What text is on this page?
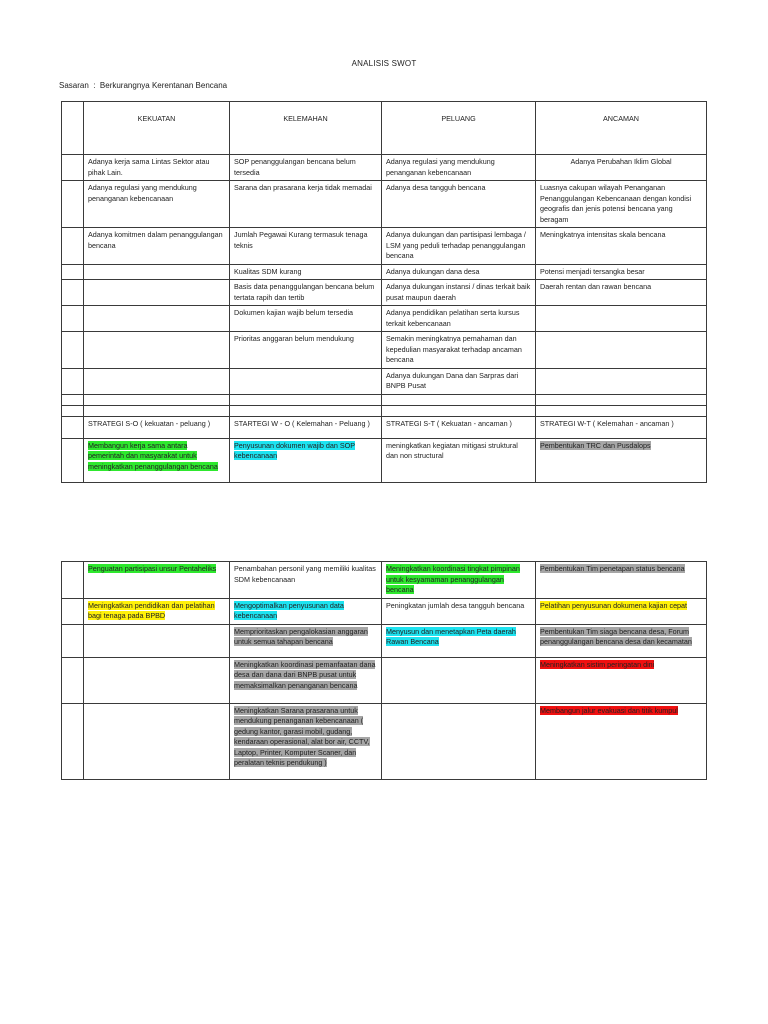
ANALISIS SWOT
Sasaran  :  Berkurangnya Kerentanan Bencana
	KEKUATAN	KELEMAHAN	PELUANG	ANCAMAN
	Adanya kerja sama Lintas Sektor atau pihak Lain.	SOP penanggulangan bencana belum tersedia	Adanya regulasi yang mendukung penanganan kebencanaan	Adanya Perubahan Iklim Global
	Adanya regulasi yang mendukung penanganan kebencanaan	Sarana dan prasarana kerja tidak memadai	Adanya desa tangguh bencana	Luasnya cakupan wilayah Penanganan Penanggulangan Kebencanaan dengan kondisi geografis dan jenis potensi bencana yang beragam
	Adanya komitmen dalam penanggulangan bencana	Jumlah Pegawai Kurang termasuk tenaga teknis	Adanya dukungan dan partisipasi lembaga / LSM yang peduli terhadap penanggulangan bencana	Meningkatnya intensitas skala bencana
		Kualitas SDM kurang	Adanya dukungan dana desa	Potensi menjadi tersangka besar
		Basis data penanggulangan bencana belum tertata rapih dan tertib	Adanya dukungan instansi / dinas terkait baik pusat maupun daerah	Daerah rentan dan rawan bencana
		Dokumen kajian wajib belum tersedia	Adanya pendidikan pelatihan serta kursus terkait kebencanaan	
		Prioritas anggaran belum mendukung	Semakin meningkatnya pemahaman dan kepedulian masyarakat terhadap ancaman bencana	
			Adanya dukungan Dana dan Sarpras dari BNPB Pusat	

	STRATEGI S-O ( kekuatan - peluang )	STARTEGI W - O ( Kelemahan - Peluang )	STRATEGI S-T ( Kekuatan - ancaman )	STRATEGI W-T ( Kelemahan - ancaman )
	Membangun kerja sama antara pemerintah dan masyarakat untuk meningkatkan penanggulangan bencana	Penyusunan dokumen wajib dan SOP kebencanaan	meningkatkan kegiatan mitigasi struktural dan non structural	Pembentukan TRC dan Pusdalops
	Penguatan partisipasi unsur Pentaheliks	Penambahan personil yang memiliki kualitas SDM kebencanaan	Meningkatkan koordinasi tingkat pimpinan untuk kesyamaman penanggulangan bencana	Pembentukan Tim penetapan status bencana
	Meningkatkan pendidikan dan pelatihan bagi tenaga pada BPBD	Mengoptimalkan penyusunan data kebencanaan	Peningkatan jumlah desa tangguh bencana	Pelatihan penyusunan dokumena kajian cepat
		Memprioritaskan pengalokasian anggaran untuk semua tahapan bencana	Menyusun dan menetapkan Peta daerah Rawan Bencana	Pembentukan Tim siaga bencana desa, Forum penanggulangan bencana desa dan kecamatan
		Meningkatkan koordinasi pemanfaatan dana desa dan dana dari BNPB pusat untuk memaksimalkan penanganan bencana		Meningkatkan sistim peringatan dini
		Meningkatkan Sarana prasarana untuk mendukung penanganan kebencanaan ( gedung kantor, garasi mobil, gudang, kendaraan operasional, alat bor air, CCTV, Laptop, Printer, Komputer Scaner, dan peralatan teknis pendukung )		Membangun jalur evakuasi dan titik kumpul
